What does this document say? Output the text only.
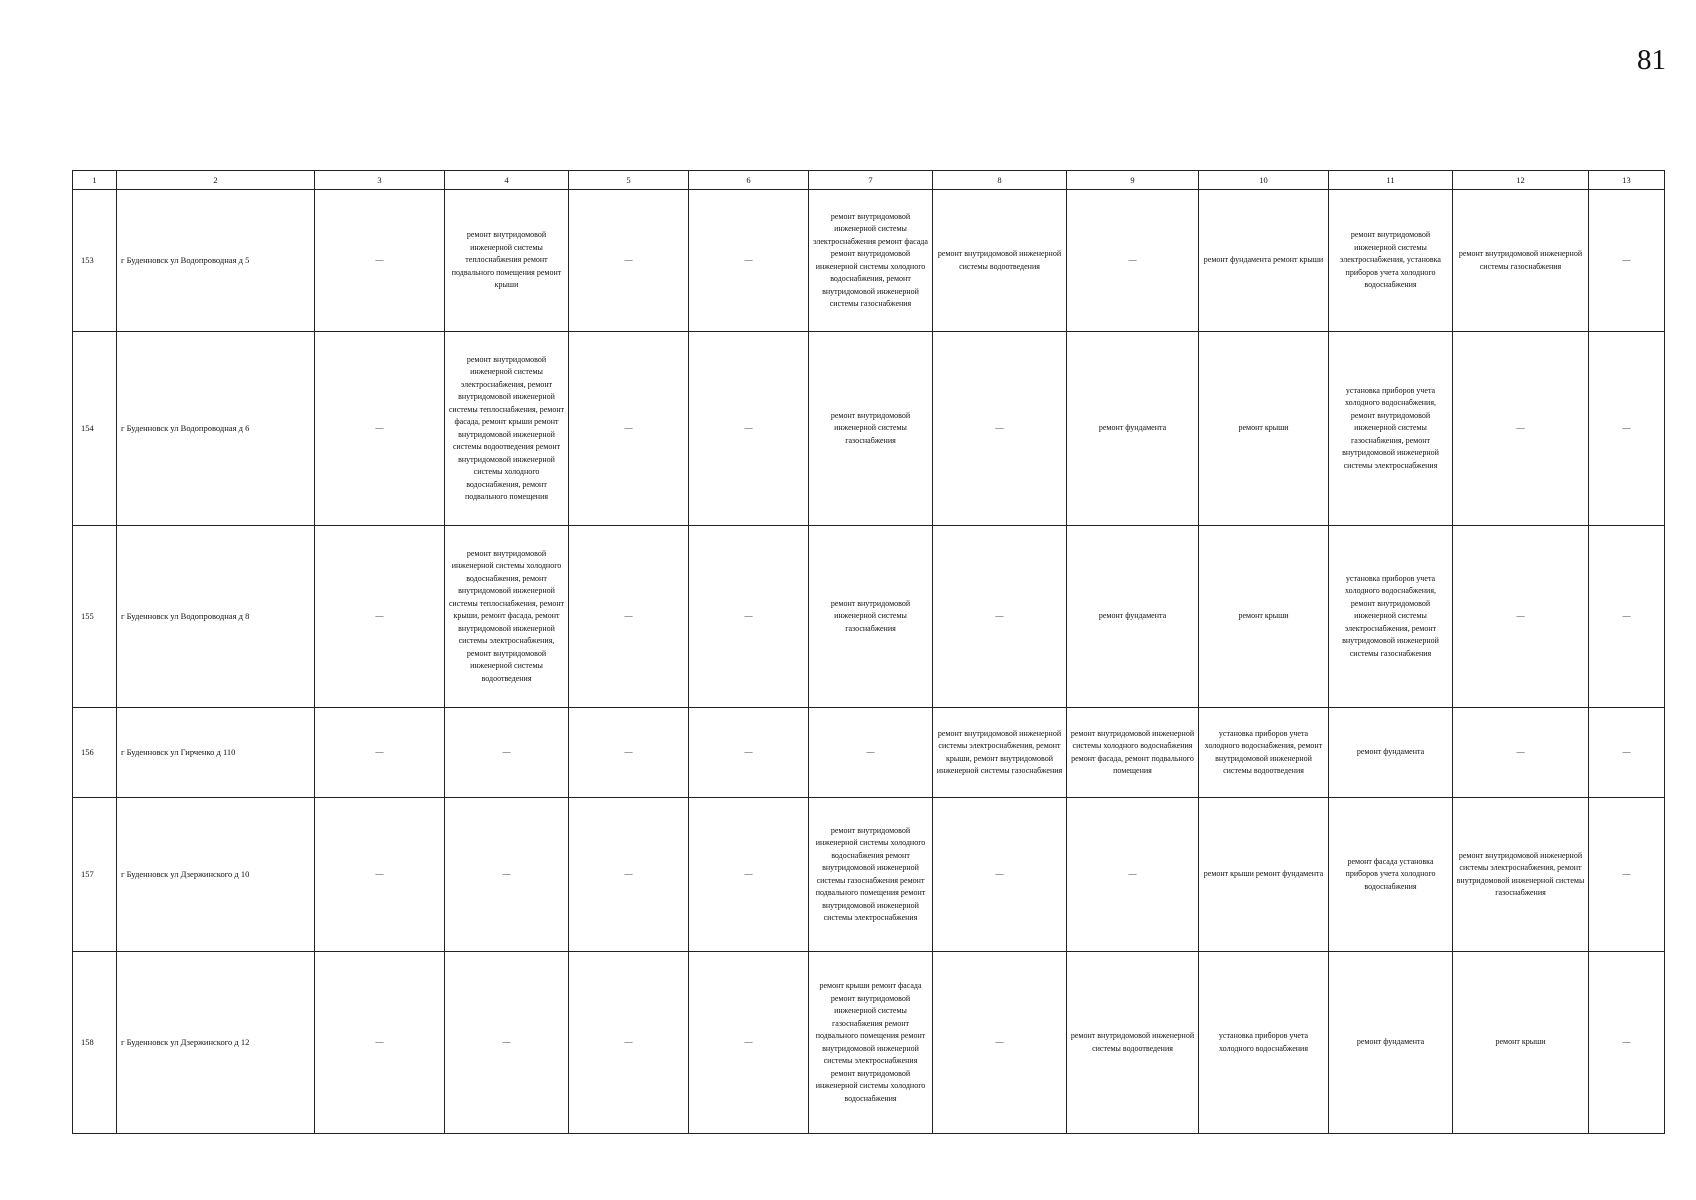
81
1	2	3	4	5	6	7	8	9	10	11	12	13
153	г Буденновск ул Водопроводная д 5	—	ремонт внутридомовой инженерной системы теплоснабжения ремонт подвального помещения ремонт крыши	—	—	ремонт внутридомовой инженерной системы электроснабжения ремонт фасада ремонт внутридомовой инженерной системы холодного водоснабжения, ремонт внутридомовой инженерной системы газоснабжения	ремонт внутридомовой инженерной системы водоотведения	—	ремонт фундамента ремонт крыши	ремонт внутридомовой инженерной системы электроснабжения, установка приборов учета холодного водоснабжения	ремонт внутридомовой инженерной системы газоснабжения	—
154	г Буденновск ул Водопроводная д 6	—	ремонт внутридомовой инженерной системы электроснабжения, ремонт внутридомовой инженерной системы теплоснабжения, ремонт фасада, ремонт крыши ремонт внутридомовой инженерной системы водоотведения ремонт внутридомовой инженерной системы холодного водоснабжения, ремонт подвального помещения	—	—	ремонт внутридомовой инженерной системы газоснабжения	—	ремонт фундамента	ремонт крыши	установка приборов учета холодного водоснабжения, ремонт внутридомовой инженерной системы газоснабжения, ремонт внутридомовой инженерной системы электроснабжения	—	—
155	г Буденновск ул Водопроводная д 8	—	ремонт внутридомовой инженерной системы холодного водоснабжения, ремонт внутридомовой инженерной системы теплоснабжения, ремонт крыши, ремонт фасада, ремонт внутридомовой инженерной системы электроснабжения, ремонт внутридомовой инженерной системы водоотведения	—	—	ремонт внутридомовой инженерной системы газоснабжения	—	ремонт фундамента	ремонт крыши	установка приборов учета холодного водоснабжения, ремонт внутридомовой инженерной системы электроснабжения, ремонт внутридомовой инженерной системы газоснабжения	—	—
156	г Буденновск ул Гирченко д 110	—	—	—	—	—	ремонт внутридомовой инженерной системы электроснабжения, ремонт крыши, ремонт внутридомовой инженерной системы газоснабжения	ремонт внутридомовой инженерной системы холодного водоснабжения ремонт фасада, ремонт подвального помещения	установка приборов учета холодного водоснабжения, ремонт внутридомовой инженерной системы водоотведения	ремонт фундамента	—	—
157	г Буденновск ул Дзержинского д 10	—	—	—	—	ремонт внутридомовой инженерной системы холодного водоснабжения ремонт внутридомовой инженерной системы газоснабжения ремонт подвального помещения ремонт внутридомовой инженерной системы электроснабжения	—	—	ремонт крыши ремонт фундамента	ремонт фасада установка приборов учета холодного водоснабжения	ремонт внутридомовой инженерной системы электроснабжения, ремонт внутридомовой инженерной системы газоснабжения	—
158	г Буденновск ул Дзержинского д 12	—	—	—	—	ремонт крыши ремонт фасада ремонт внутридомовой инженерной системы газоснабжения ремонт подвального помещения ремонт внутридомовой инженерной системы электроснабжения ремонт внутридомовой инженерной системы холодного водоснабжения	—	ремонт внутридомовой инженерной системы водоотведения	установка приборов учета холодного водоснабжения	ремонт фундамента	ремонт крыши	—
